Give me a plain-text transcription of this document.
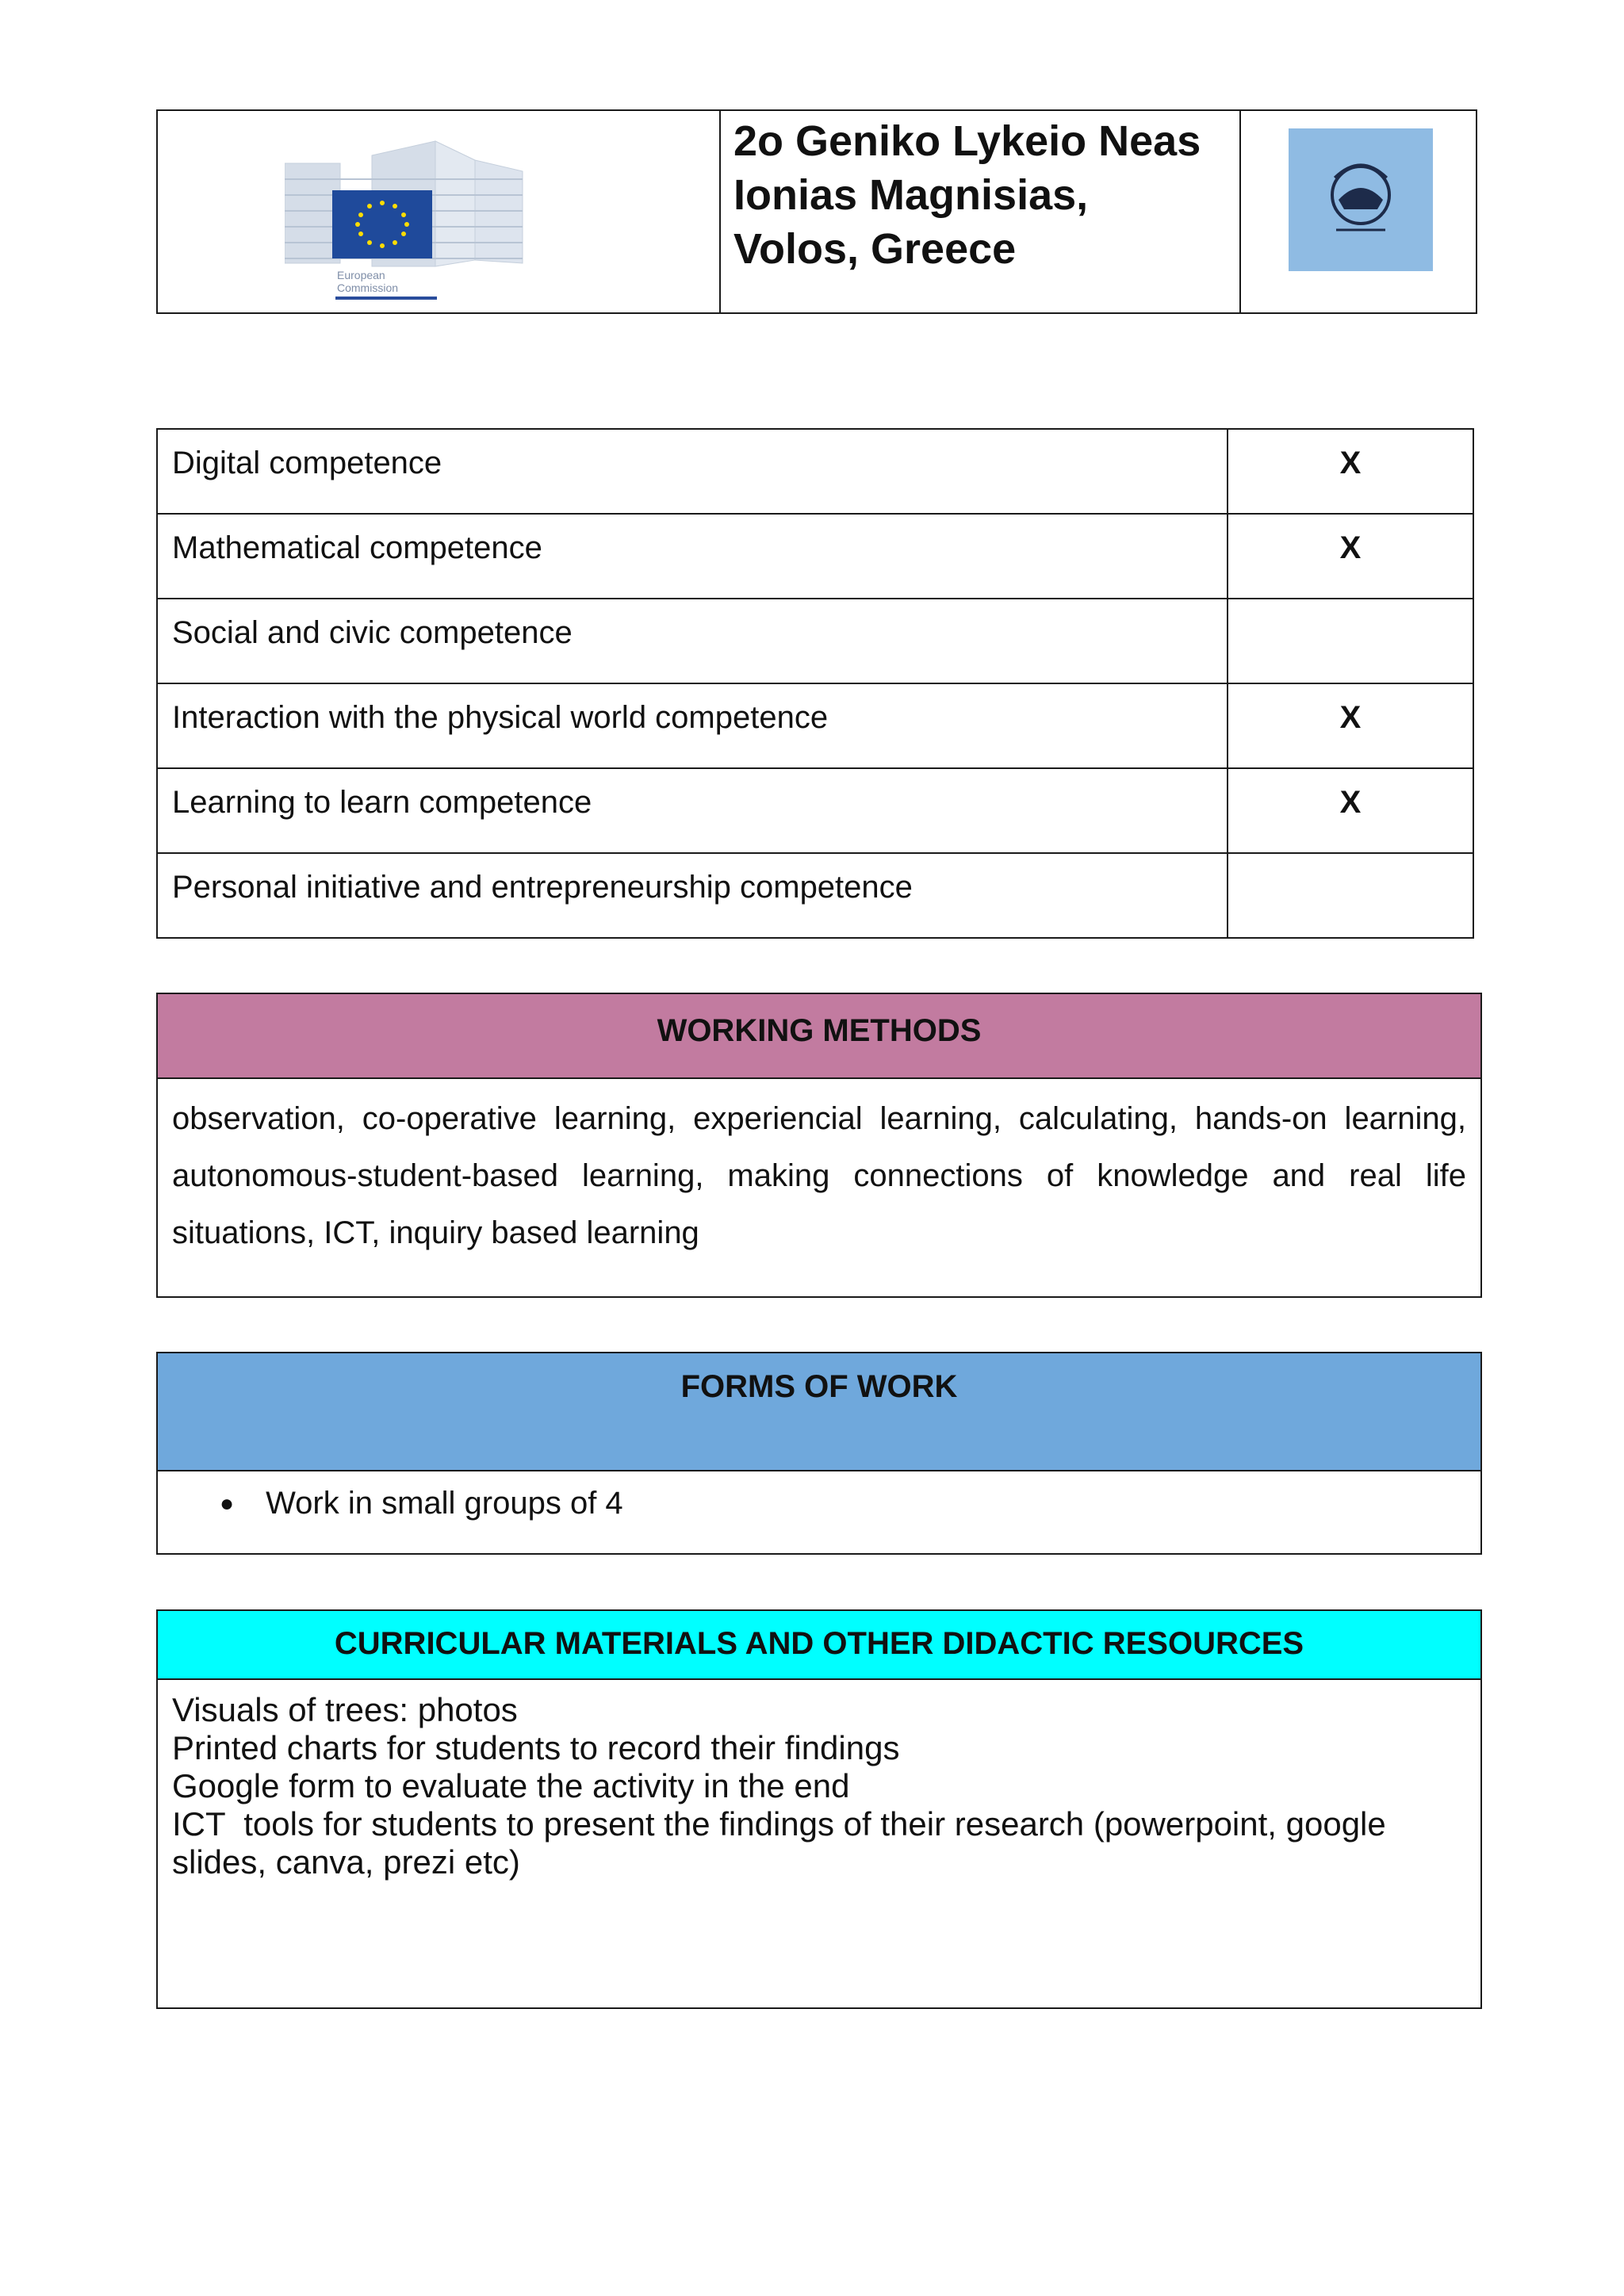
European
Commission

2o Geniko Lykeio Neas
Ionias Magnisias,
Volos, Greece

Digital competence	X
Mathematical competence	X
Social and civic competence	
Interaction with the physical world competence	X
Learning to learn competence	X
Personal initiative and entrepreneurship competence	
WORKING METHODS
observation, co-operative learning, experiencial learning, calculating, hands-on learning, autonomous-student-based learning, making connections of knowledge and real life situations, ICT, inquiry based learning
FORMS OF WORK
● Work in small groups of 4
CURRICULAR MATERIALS AND OTHER DIDACTIC RESOURCES
Visuals of trees: photos
Printed charts for students to record their findings
Google form to evaluate the activity in the end
ICT  tools for students to present the findings of their research (powerpoint, google slides, canva, prezi etc)
